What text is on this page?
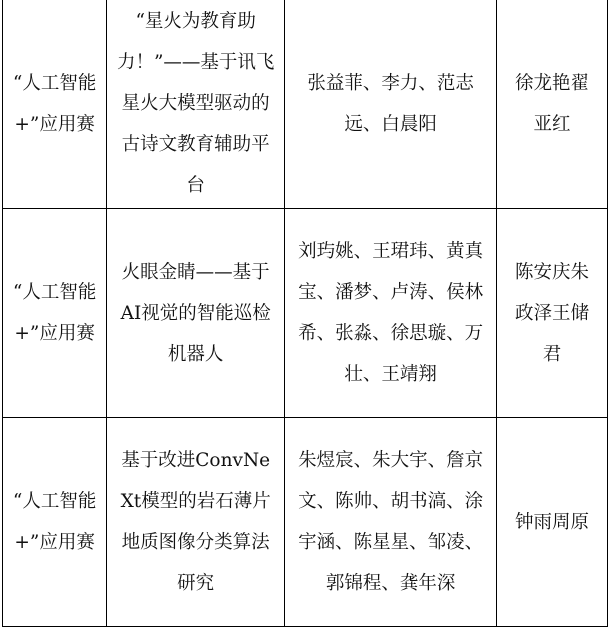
“人工智能+”应用赛	“星火为教育助力！”——基于讯飞星火大模型驱动的古诗文教育辅助平台	张益菲、李力、范志远、白晨阳	徐龙艳翟亚红

“人工智能+”应用赛	火眼金睛——基于AI视觉的智能巡检机器人	刘玙姚、王珺玮、黄真宝、潘梦、卢涛、侯林希、张淼、徐思璇、万壮、王靖翔	陈安庆朱政泽王储君

“人工智能+”应用赛	基于改进ConvNeXt模型的岩石薄片地质图像分类算法研究	朱煜宸、朱大宇、詹京文、陈帅、胡书滈、涂宇涵、陈星星、邹凌、郭锦程、龚年深	钟雨周原
